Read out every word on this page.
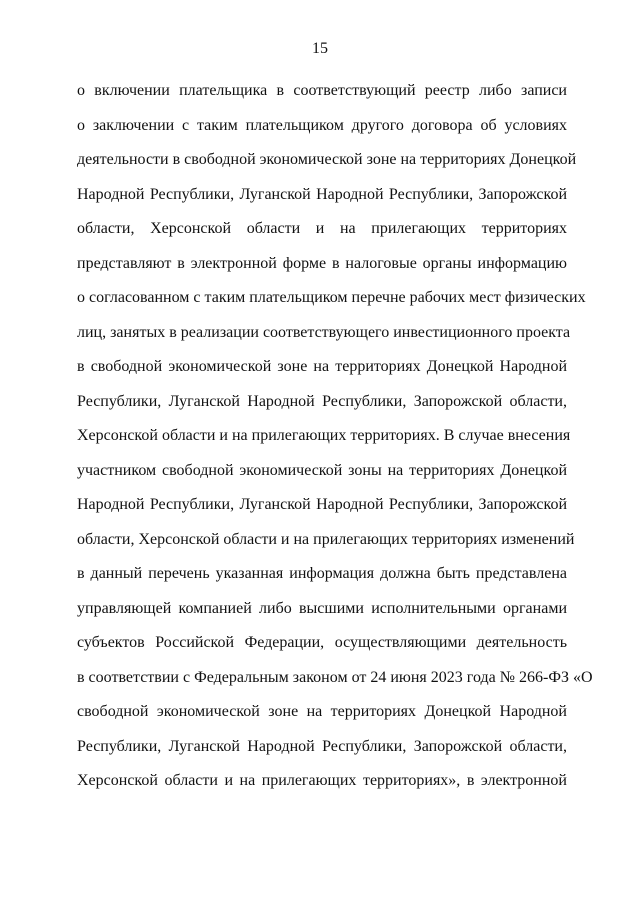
15
о включении плательщика в соответствующий реестр либо записи
о заключении с таким плательщиком другого договора об условиях
деятельности в свободной экономической зоне на территориях Донецкой
Народной Республики, Луганской Народной Республики, Запорожской
области, Херсонской области и на прилегающих территориях
представляют в электронной форме в налоговые органы информацию
о согласованном с таким плательщиком перечне рабочих мест физических
лиц, занятых в реализации соответствующего инвестиционного проекта
в свободной экономической зоне на территориях Донецкой Народной
Республики, Луганской Народной Республики, Запорожской области,
Херсонской области и на прилегающих территориях. В случае внесения
участником свободной экономической зоны на территориях Донецкой
Народной Республики, Луганской Народной Республики, Запорожской
области, Херсонской области и на прилегающих территориях изменений
в данный перечень указанная информация должна быть представлена
управляющей компанией либо высшими исполнительными органами
субъектов Российской Федерации, осуществляющими деятельность
в соответствии с Федеральным законом от 24 июня 2023 года № 266-ФЗ «О
свободной экономической зоне на территориях Донецкой Народной
Республики, Луганской Народной Республики, Запорожской области,
Херсонской области и на прилегающих территориях», в электронной
